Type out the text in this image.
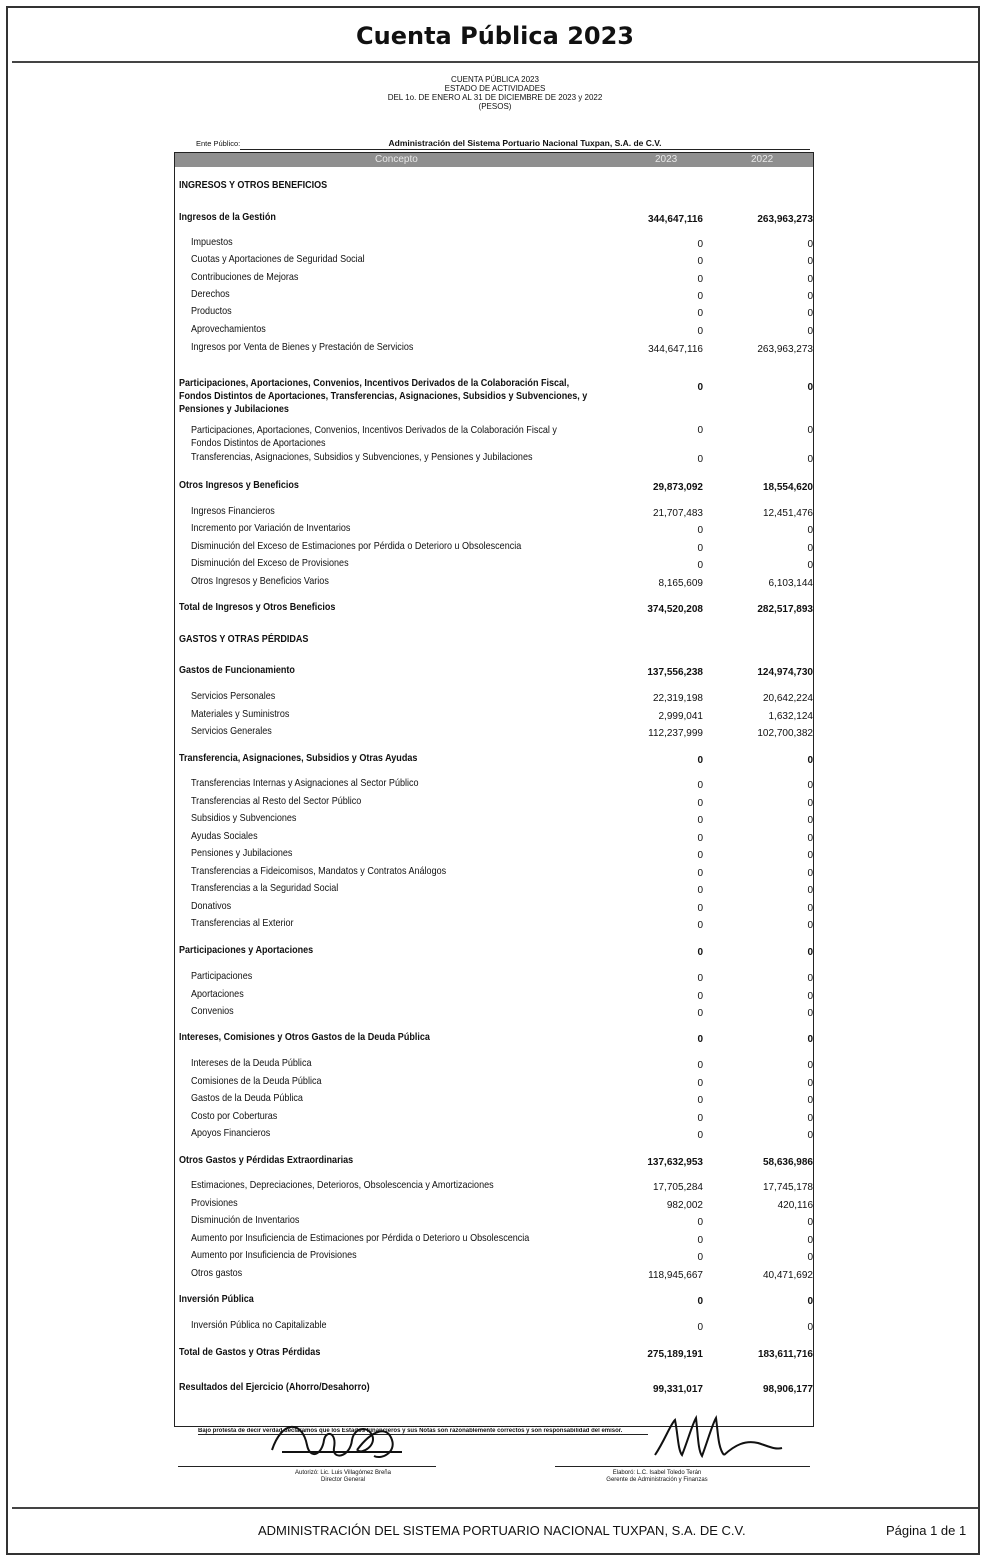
Cuenta Pública 2023
CUENTA PÚBLICA 2023
ESTADO DE ACTIVIDADES
DEL 1o. DE ENERO AL 31 DE DICIEMBRE DE 2023 y 2022
(PESOS)
Ente Público:	Administración del Sistema Portuario Nacional Tuxpan, S.A. de C.V.
Concepto	2023	2022
INGRESOS Y OTROS BENEFICIOS
Ingresos de la Gestión	344,647,116	263,963,273
Impuestos	0	0
Cuotas y Aportaciones de Seguridad Social	0	0
Contribuciones de Mejoras	0	0
Derechos	0	0
Productos	0	0
Aprovechamientos	0	0
Ingresos por Venta de Bienes y Prestación de Servicios	344,647,116	263,963,273
Participaciones, Aportaciones, Convenios, Incentivos Derivados de la Colaboración Fiscal,
Fondos Distintos de Aportaciones, Transferencias, Asignaciones, Subsidios y Subvenciones, y
Pensiones y Jubilaciones
0	0
Participaciones, Aportaciones, Convenios, Incentivos Derivados de la Colaboración Fiscal y
Fondos Distintos de Aportaciones
0	0
Transferencias, Asignaciones, Subsidios y Subvenciones, y Pensiones y Jubilaciones	0	0
Otros Ingresos y Beneficios	29,873,092	18,554,620
Ingresos Financieros	21,707,483	12,451,476
Incremento por Variación de Inventarios	0	0
Disminución del Exceso de Estimaciones por Pérdida o Deterioro u Obsolescencia	0	0
Disminución del Exceso de Provisiones	0	0
Otros Ingresos y Beneficios Varios	8,165,609	6,103,144
Total de Ingresos y Otros Beneficios	374,520,208	282,517,893
GASTOS Y OTRAS PÉRDIDAS
Gastos de Funcionamiento	137,556,238	124,974,730
Servicios Personales	22,319,198	20,642,224
Materiales y Suministros	2,999,041	1,632,124
Servicios Generales	112,237,999	102,700,382
Transferencia, Asignaciones, Subsidios y Otras Ayudas	0	0
Transferencias Internas y Asignaciones al Sector Público	0	0
Transferencias al Resto del Sector Público	0	0
Subsidios y Subvenciones	0	0
Ayudas Sociales	0	0
Pensiones y Jubilaciones	0	0
Transferencias a Fideicomisos, Mandatos y Contratos Análogos	0	0
Transferencias a la Seguridad Social	0	0
Donativos	0	0
Transferencias al Exterior	0	0
Participaciones y Aportaciones	0	0
Participaciones	0	0
Aportaciones	0	0
Convenios	0	0
Intereses, Comisiones y Otros Gastos de la Deuda Pública	0	0
Intereses de la Deuda Pública	0	0
Comisiones de la Deuda Pública	0	0
Gastos de la Deuda Pública	0	0
Costo por Coberturas	0	0
Apoyos Financieros	0	0
Otros Gastos y Pérdidas Extraordinarias	137,632,953	58,636,986
Estimaciones, Depreciaciones, Deterioros, Obsolescencia y Amortizaciones	17,705,284	17,745,178
Provisiones	982,002	420,116
Disminución de Inventarios	0	0
Aumento por Insuficiencia de Estimaciones por Pérdida o Deterioro u Obsolescencia	0	0
Aumento por Insuficiencia de Provisiones	0	0
Otros gastos	118,945,667	40,471,692
Inversión Pública	0	0
Inversión Pública no Capitalizable	0	0
Total de Gastos y Otras Pérdidas	275,189,191	183,611,716
Resultados del Ejercicio (Ahorro/Desahorro)	99,331,017	98,906,177
Bajo protesta de decir verdad declaramos que los Estados Financieros y sus Notas son razonablemente correctos y son responsabilidad del emisor.
Autorizó: Lic. Luis Villagómez Breña
Director General
Elaboró: L.C. Isabel Toledo Terán
Gerente de Administración y Finanzas
ADMINISTRACIÓN DEL SISTEMA PORTUARIO NACIONAL TUXPAN, S.A. DE C.V.	Página 1 de 1
